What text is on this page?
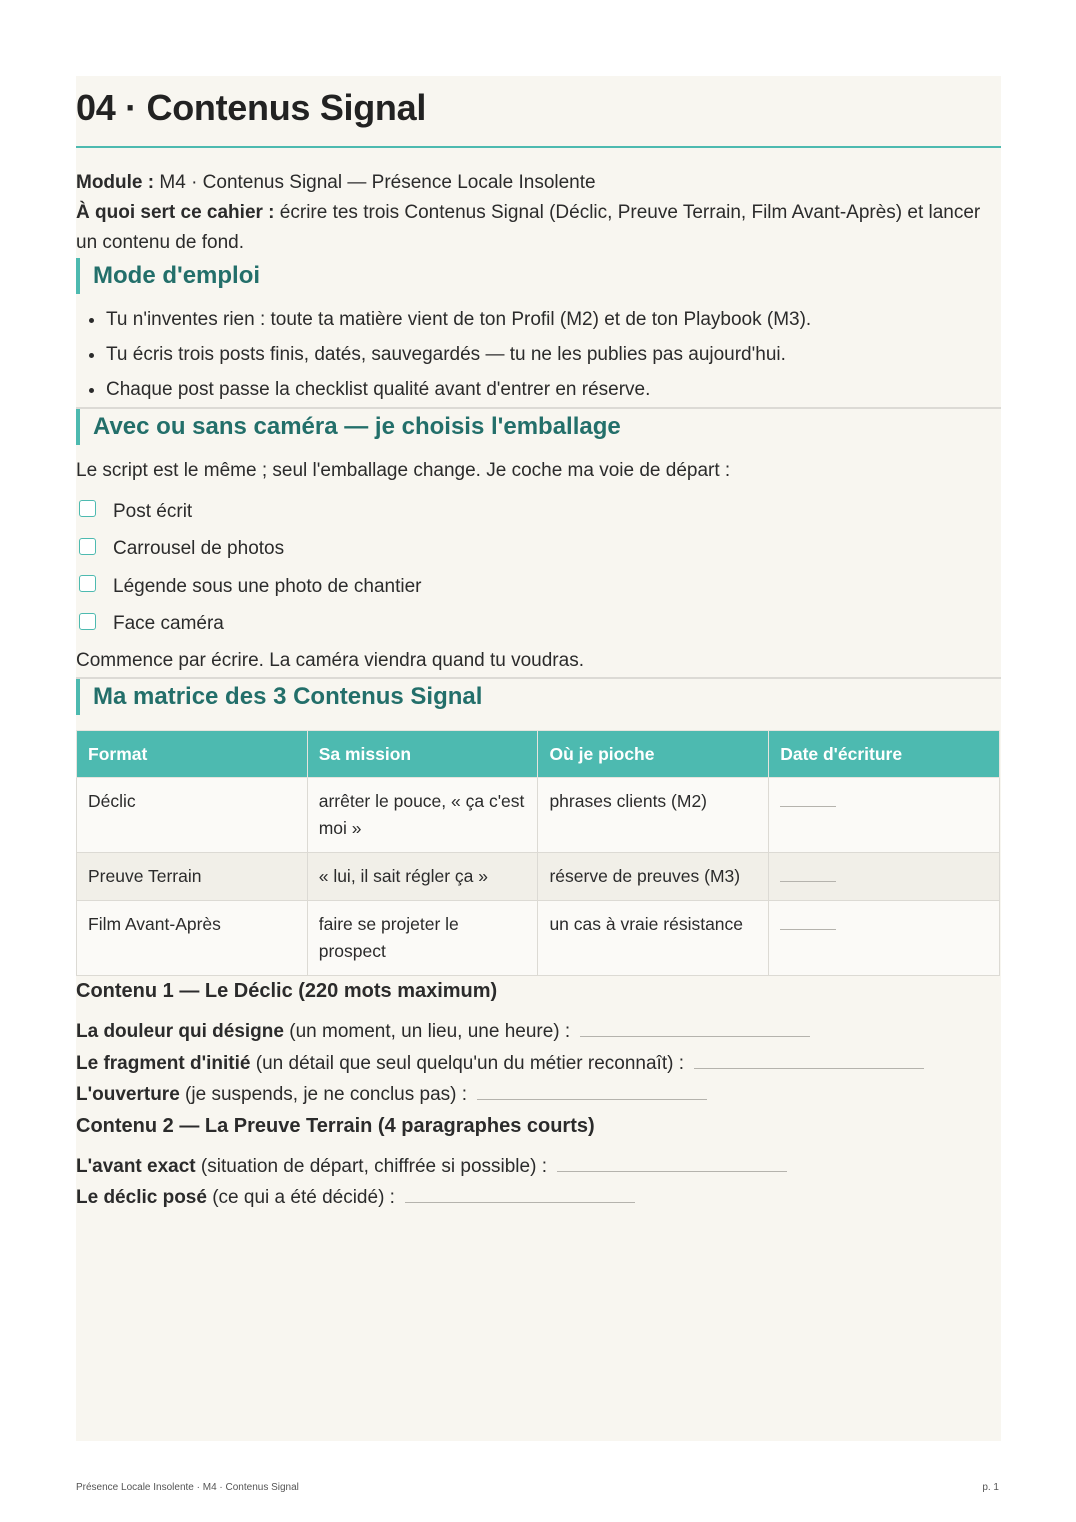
04 · Contenus Signal
Module : M4 · Contenus Signal — Présence Locale Insolente
À quoi sert ce cahier : écrire tes trois Contenus Signal (Déclic, Preuve Terrain, Film Avant-Après) et lancer un contenu de fond.
Mode d'emploi
• Tu n'inventes rien : toute ta matière vient de ton Profil (M2) et de ton Playbook (M3).
• Tu écris trois posts finis, datés, sauvegardés — tu ne les publies pas aujourd'hui.
• Chaque post passe la checklist qualité avant d'entrer en réserve.
Avec ou sans caméra — je choisis l'emballage

Le script est le même ; seul l'emballage change. Je coche ma voie de départ :

Post écrit
Carrousel de photos
Légende sous une photo de chantier
Face caméra

Commence par écrire. La caméra viendra quand tu voudras.

Ma matrice des 3 Contenus Signal
Format	Sa mission	Où je pioche	Date d'écriture
Déclic	arrêter le pouce, « ça c'est moi »	phrases clients (M2)	
Preuve Terrain	« lui, il sait régler ça »	réserve de preuves (M3)	
Film Avant-Après	faire se projeter le prospect	un cas à vraie résistance	
Contenu 1 — Le Déclic (220 mots maximum)
La douleur qui désigne (un moment, un lieu, une heure) :
Le fragment d'initié (un détail que seul quelqu'un du métier reconnaît) :
L'ouverture (je suspends, je ne conclus pas) :
Contenu 2 — La Preuve Terrain (4 paragraphes courts)
L'avant exact (situation de départ, chiffrée si possible) :
Le déclic posé (ce qui a été décidé) :
Présence Locale Insolente · M4 · Contenus Signal	p. 1
